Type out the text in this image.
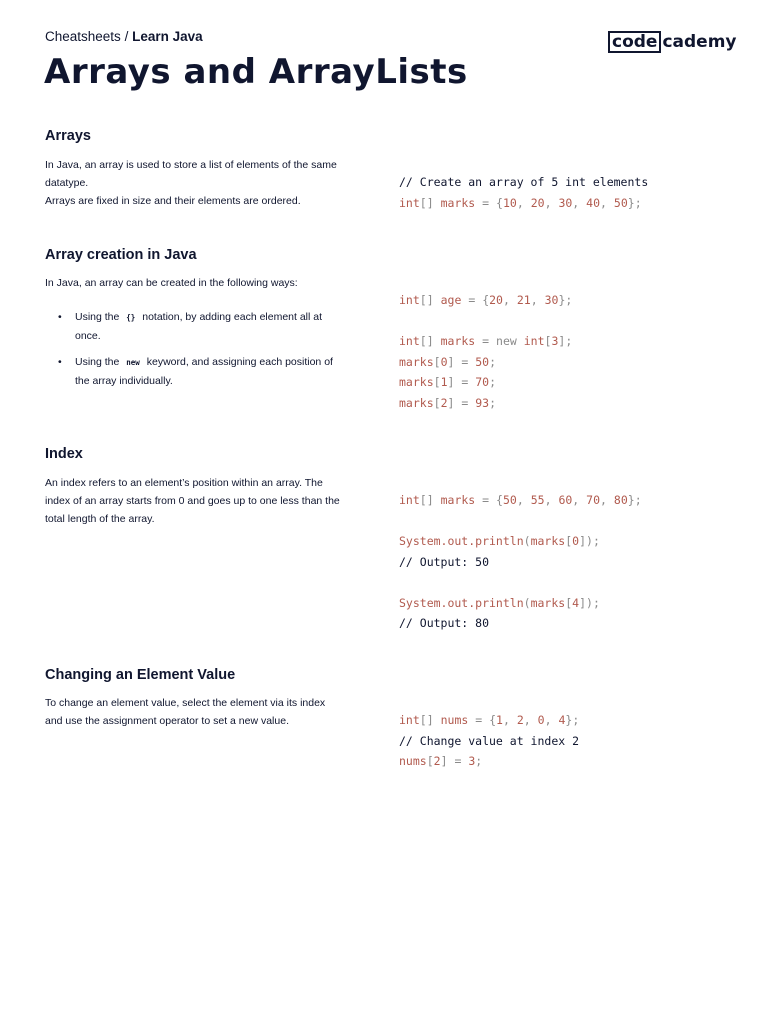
Cheatsheets / Learn Java	code cademy
Arrays and ArrayLists
Arrays
In Java, an array is used to store a list of elements of the same datatype.
Arrays are fixed in size and their elements are ordered.
// Create an array of 5 int elements
int[] marks = {10, 20, 30, 40, 50};
Array creation in Java
In Java, an array can be created in the following ways:
• Using the {} notation, by adding each element all at once.
• Using the new keyword, and assigning each position of the array individually.
int[] age = {20, 21, 30};

int[] marks = new int[3];
marks[0] = 50;
marks[1] = 70;
marks[2] = 93;
Index
An index refers to an element’s position within an array. The index of an array starts from 0 and goes up to one less than the total length of the array.
int[] marks = {50, 55, 60, 70, 80};

System.out.println(marks[0]);
// Output: 50

System.out.println(marks[4]);
// Output: 80
Changing an Element Value
To change an element value, select the element via its index and use the assignment operator to set a new value.	int[] nums = {1, 2, 0, 4};
// Change value at index 2
nums[2] = 3;
